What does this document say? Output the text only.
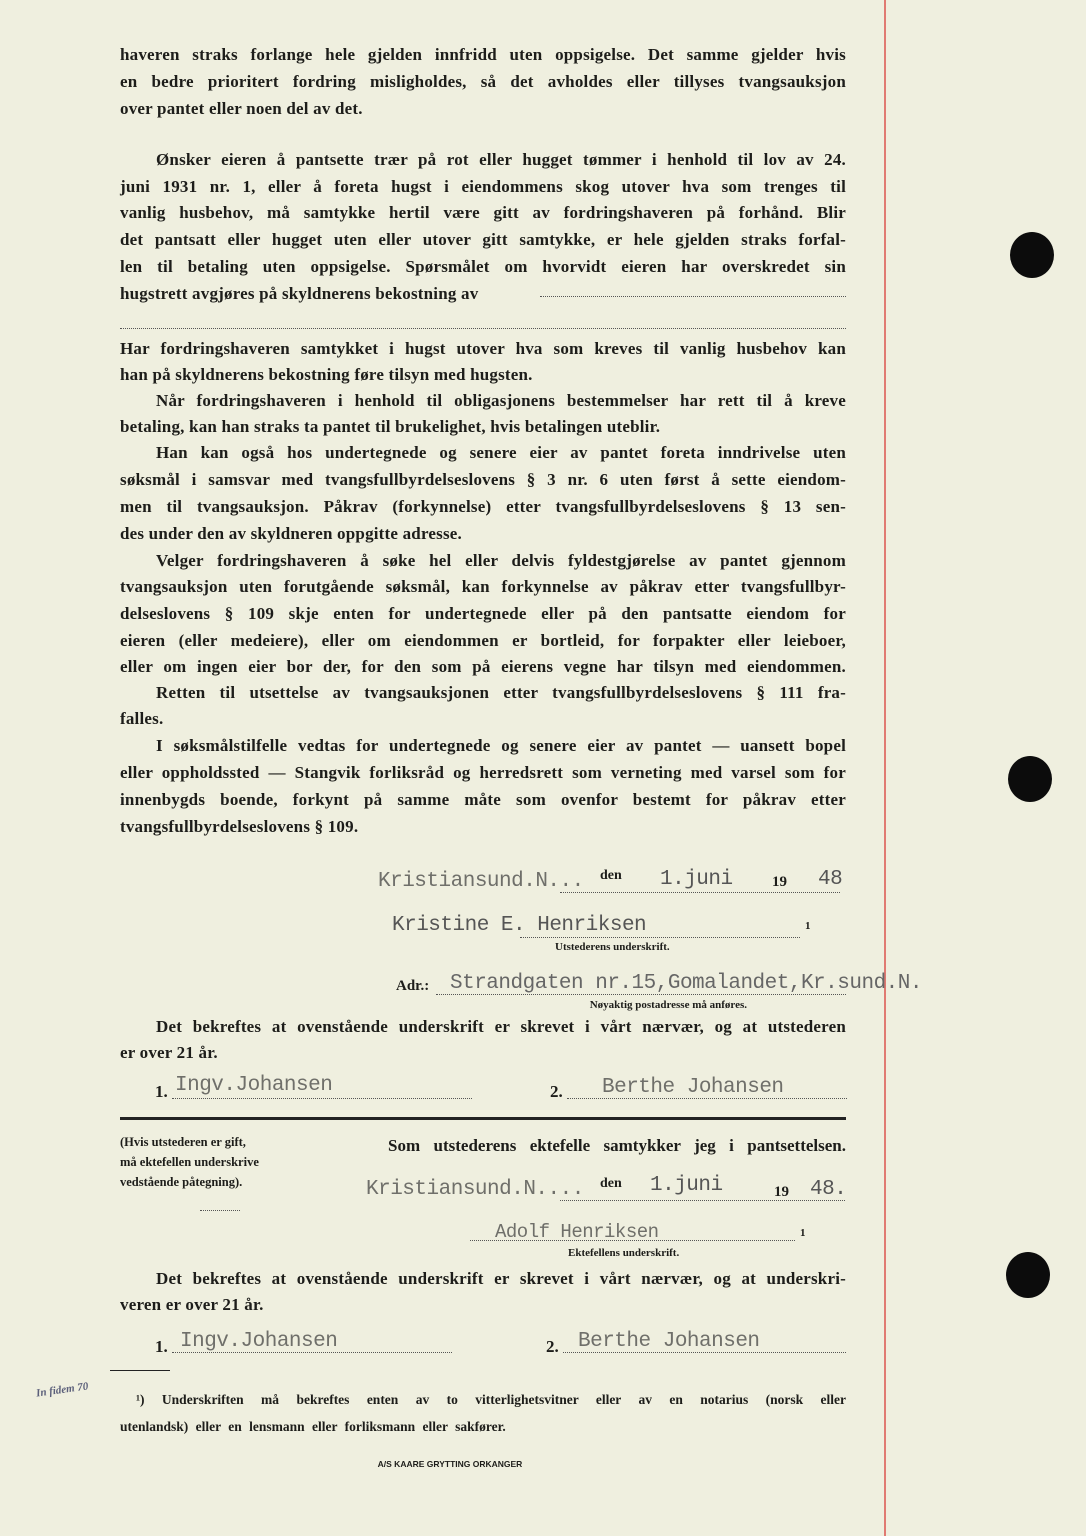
haveren straks forlange hele gjelden innfridd uten oppsigelse. Det samme gjelder hvis
en bedre prioritert fordring misligholdes, så det avholdes eller tillyses tvangsauksjon
over pantet eller noen del av det.
Ønsker eieren å pantsette trær på rot eller hugget tømmer i henhold til lov av 24.
juni 1931 nr. 1, eller å foreta hugst i eiendommens skog utover hva som trenges til
vanlig husbehov, må samtykke hertil være gitt av fordringshaveren på forhånd. Blir
det pantsatt eller hugget uten eller utover gitt samtykke, er hele gjelden straks forfal-
len til betaling uten oppsigelse. Spørsmålet om hvorvidt eieren har overskredet sin
hugstrett avgjøres på skyldnerens bekostning av
Har fordringshaveren samtykket i hugst utover hva som kreves til vanlig husbehov kan
han på skyldnerens bekostning føre tilsyn med hugsten.
Når fordringshaveren i henhold til obligasjonens bestemmelser har rett til å kreve
betaling, kan han straks ta pantet til brukelighet, hvis betalingen uteblir.
Han kan også hos undertegnede og senere eier av pantet foreta inndrivelse uten
søksmål i samsvar med tvangsfullbyrdelseslovens § 3 nr. 6 uten først å sette eiendom-
men til tvangsauksjon. Påkrav (forkynnelse) etter tvangsfullbyrdelseslovens § 13 sen-
des under den av skyldneren oppgitte adresse.
Velger fordringshaveren å søke hel eller delvis fyldestgjørelse av pantet gjennom
tvangsauksjon uten forutgående søksmål, kan forkynnelse av påkrav etter tvangsfullbyr-
delseslovens § 109 skje enten for undertegnede eller på den pantsatte eiendom for
eieren (eller medeiere), eller om eiendommen er bortleid, for forpakter eller leieboer,
eller om ingen eier bor der, for den som på eierens vegne har tilsyn med eiendommen.
Retten til utsettelse av tvangsauksjonen etter tvangsfullbyrdelseslovens § 111 fra-
falles.
I søksmålstilfelle vedtas for undertegnede og senere eier av pantet — uansett bopel
eller oppholdssted — Stangvik forliksråd og herredsrett som verneting med varsel som for
innenbygds boende, forkynt på samme måte som ovenfor bestemt for påkrav etter
tvangsfullbyrdelseslovens § 109.
Kristiansund.N... den 1.juni	19 48
Kristine E. Henriksen	1
Utstederens underskrift.
Adr.: Strandgaten nr.15,Gomalandet,Kr.sund.N.
Nøyaktig postadresse må anføres.
Det bekreftes at ovenstående underskrift er skrevet i vårt nærvær, og at utstederen
er over 21 år.
1. Ingv.Johansen	2. Berthe Johansen
(Hvis utstederen er gift,
må ektefellen underskrive
vedstående påtegning).
Som utstederens ektefelle samtykker jeg i pantsettelsen.
Kristiansund.N.... den 1.juni	19 48.
Adolf Henriksen	1
Ektefellens underskrift.
Det bekreftes at ovenstående underskrift er skrevet i vårt nærvær, og at underskri-
veren er over 21 år.
1. Ingv.Johansen	2. Berthe Johansen
In fidem 70	¹) Underskriften må bekreftes enten av to vitterlighetsvitner eller av en notarius (norsk eller
utenlandsk) eller en lensmann eller forliksmann eller sakfører.
A/S KAARE GRYTTING ORKANGER
